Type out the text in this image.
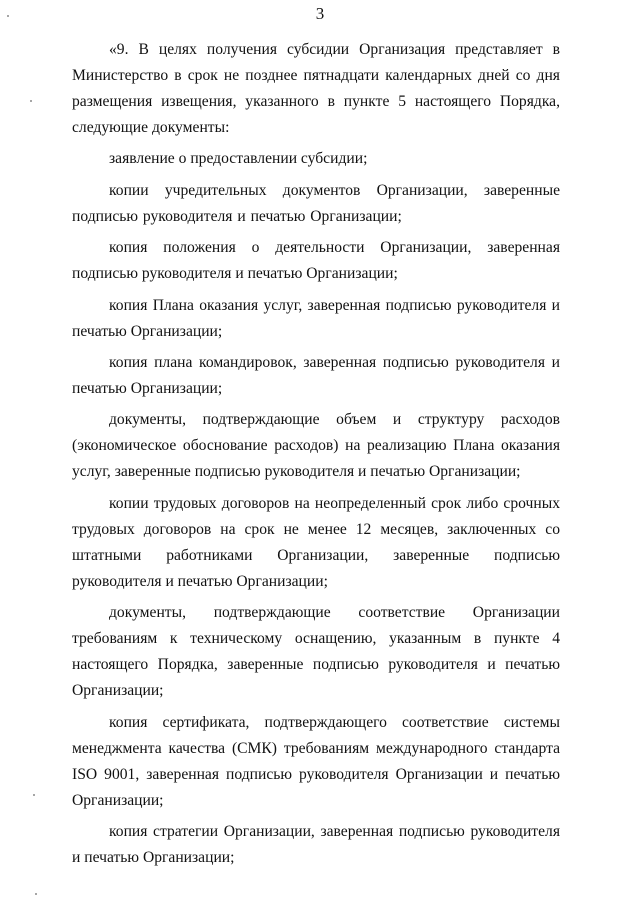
3

«9. В целях получения субсидии Организация представляет в Министерство в срок не позднее пятнадцати календарных дней со дня размещения извещения, указанного в пункте 5 настоящего Порядка, следующие документы:

заявление о предоставлении субсидии;

копии учредительных документов Организации, заверенные подписью руководителя и печатью Организации;

копия положения о деятельности Организации, заверенная подписью руководителя и печатью Организации;

копия Плана оказания услуг, заверенная подписью руководителя и печатью Организации;

копия плана командировок, заверенная подписью руководителя и печатью Организации;

документы, подтверждающие объем и структуру расходов (экономическое обоснование расходов) на реализацию Плана оказания услуг, заверенные подписью руководителя и печатью Организации;

копии трудовых договоров на неопределенный срок либо срочных трудовых договоров на срок не менее 12 месяцев, заключенных со штатными работниками Организации, заверенные подписью руководителя и печатью Организации;

документы, подтверждающие соответствие Организации требованиям к техническому оснащению, указанным в пункте 4 настоящего Порядка, заверенные подписью руководителя и печатью Организации;

копия сертификата, подтверждающего соответствие системы менеджмента качества (СМК) требованиям международного стандарта ISO 9001, заверенная подписью руководителя Организации и печатью Организации;

копия стратегии Организации, заверенная подписью руководителя и печатью Организации;
